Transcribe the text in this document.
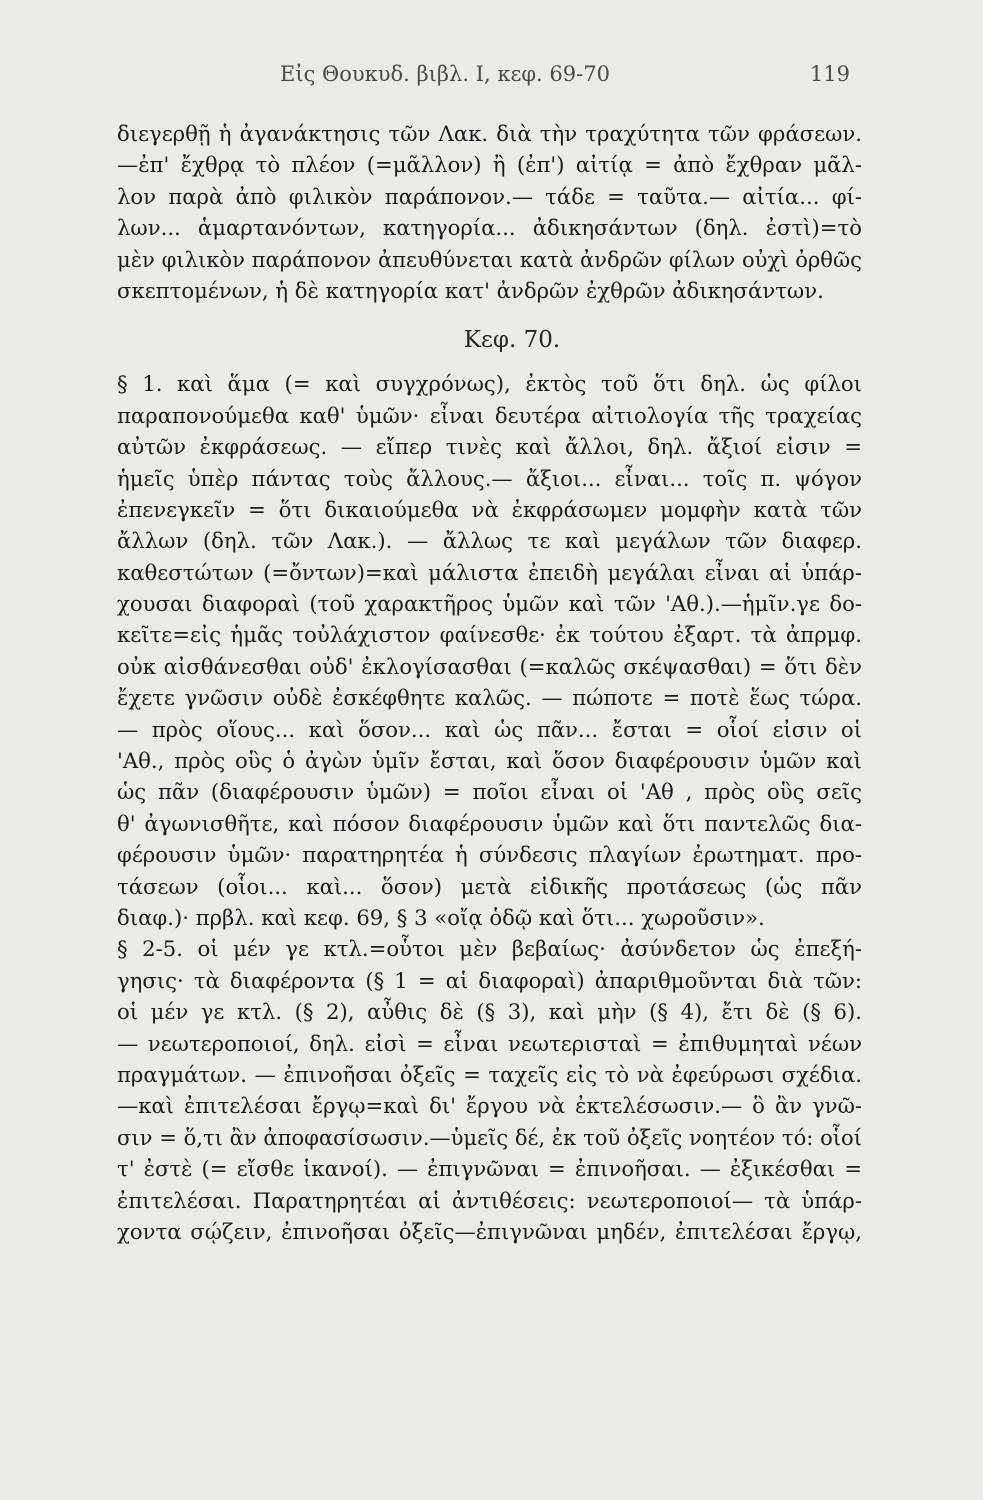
Εἰς Θουκυδ. βιβλ. Ι, κεφ. 69-70	119
διεγερθῇ ἡ ἀγανάκτησις τῶν Λακ. διὰ τὴν τραχύτητα τῶν φράσεων.
—ἐπ' ἔχθρᾳ τὸ πλέον (=μᾶλλον) ἢ (ἐπ') αἰτίᾳ = ἀπὸ ἔχθραν μᾶλ-
λον παρὰ ἀπὸ φιλικὸν παράπονον.— τάδε = ταῦτα.— αἰτία... φί-
λων... ἁμαρτανόντων, κατηγορία... ἀδικησάντων (δηλ. ἐστὶ)=τὸ
μὲν φιλικὸν παράπονον ἀπευθύνεται κατὰ ἀνδρῶν φίλων οὐχὶ ὀρθῶς
σκεπτομένων, ἡ δὲ κατηγορία κατ' ἀνδρῶν ἐχθρῶν ἀδικησάντων.
Κεφ. 70.
§ 1. καὶ ἅμα (= καὶ συγχρόνως), ἐκτὸς τοῦ ὅτι δηλ. ὡς φίλοι
παραπονούμεθα καθ' ὑμῶν· εἶναι δευτέρα αἰτιολογία τῆς τραχείας
αὐτῶν ἐκφράσεως. — εἴπερ τινὲς καὶ ἄλλοι, δηλ. ἄξιοί εἰσιν =
ἡμεῖς ὑπὲρ πάντας τοὺς ἄλλους.— ἄξιοι... εἶναι... τοῖς π. ψόγον
ἐπενεγκεῖν = ὅτι δικαιούμεθα νὰ ἐκφράσωμεν μομφὴν κατὰ τῶν
ἄλλων (δηλ. τῶν Λακ.). — ἄλλως τε καὶ μεγάλων τῶν διαφερ.
καθεστώτων (=ὄντων)=καὶ μάλιστα ἐπειδὴ μεγάλαι εἶναι αἱ ὑπάρ-
χουσαι διαφοραὶ (τοῦ χαρακτῆρος ὑμῶν καὶ τῶν 'Αθ.).—ἡμῖν.γε δο-
κεῖτε=εἰς ἡμᾶς τοὐλάχιστον φαίνεσθε· ἐκ τούτου ἐξαρτ. τὰ ἀπρμφ.
οὐκ αἰσθάνεσθαι οὐδ' ἐκλογίσασθαι (=καλῶς σκέψασθαι) = ὅτι δὲν
ἔχετε γνῶσιν οὐδὲ ἐσκέφθητε καλῶς. — πώποτε = ποτὲ ἕως τώρα.
— πρὸς οἵους... καὶ ὅσον... καὶ ὡς πᾶν... ἔσται = οἷοί εἰσιν οἱ
'Αθ., πρὸς οὓς ὁ ἀγὼν ὑμῖν ἔσται, καὶ ὅσον διαφέρουσιν ὑμῶν καὶ
ὡς πᾶν (διαφέρουσιν ὑμῶν) = ποῖοι εἶναι οἱ 'Αθ , πρὸς οὓς σεῖς
θ' ἀγωνισθῆτε, καὶ πόσον διαφέρουσιν ὑμῶν καὶ ὅτι παντελῶς δια-
φέρουσιν ὑμῶν· παρατηρητέα ἡ σύνδεσις πλαγίων ἐρωτηματ. προ-
τάσεων (οἷοι... καὶ... ὅσον) μετὰ εἰδικῆς προτάσεως (ὡς πᾶν
διαφ.)· πρβλ. καὶ κεφ. 69, § 3 «οἴᾳ ὁδῷ καὶ ὅτι... χωροῦσιν».
§ 2-5. οἱ μέν γε κτλ.=οὗτοι μὲν βεβαίως· ἀσύνδετον ὡς ἐπεξή-
γησις· τὰ διαφέροντα (§ 1 = αἱ διαφοραὶ) ἀπαριθμοῦνται διὰ τῶν:
οἱ μέν γε κτλ. (§ 2), αὖθις δὲ (§ 3), καὶ μὴν (§ 4), ἔτι δὲ (§ 6).
— νεωτεροποιοί, δηλ. εἰσὶ = εἶναι νεωτερισταὶ = ἐπιθυμηταὶ νέων
πραγμάτων. — ἐπινοῆσαι ὀξεῖς = ταχεῖς εἰς τὸ νὰ ἐφεύρωσι σχέδια.
—καὶ ἐπιτελέσαι ἔργῳ=καὶ δι' ἔργου νὰ ἐκτελέσωσιν.— ὃ ἂν γνῶ-
σιν = ὅ,τι ἂν ἀποφασίσωσιν.—ὑμεῖς δέ, ἐκ τοῦ ὀξεῖς νοητέον τό: οἷοί
τ' ἐστὲ (= εἴσθε ἱκανοί). — ἐπιγνῶναι = ἐπινοῆσαι. — ἐξικέσθαι =
ἐπιτελέσαι. Παρατηρητέαι αἱ ἀντιθέσεις: νεωτεροποιοί— τὰ ὑπάρ-
χοντα σῴζειν, ἐπινοῆσαι ὀξεῖς—ἐπιγνῶναι μηδέν, ἐπιτελέσαι ἔργῳ,
